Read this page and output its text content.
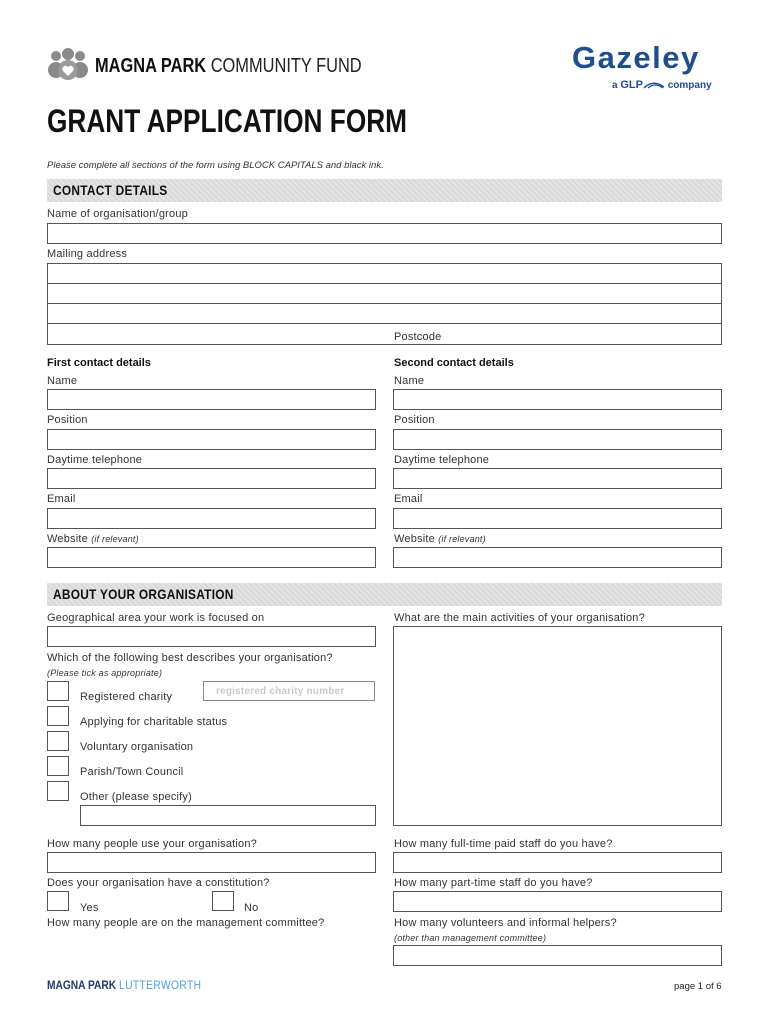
MAGNA PARK COMMUNITY FUND	Gazeley
a GLP company
GRANT APPLICATION FORM
Please complete all sections of the form using BLOCK CAPITALS and black ink.
CONTACT DETAILS
Name of organisation/group
Mailing address
Postcode
First contact details
Name
Position
Daytime telephone
Email
Website (if relevant)
Second contact details
Name
Position
Daytime telephone
Email
Website (if relevant)
ABOUT YOUR ORGANISATION
Geographical area your work is focused on	What are the main activities of your organisation?
Which of the following best describes your organisation?
(Please tick as appropriate)
Registered charity	registered charity number
Applying for charitable status
Voluntary organisation
Parish/Town Council
Other (please specify)
How many people use your organisation?	How many full-time paid staff do you have?
Does your organisation have a constitution?
Yes	No
How many part-time staff do you have?
How many people are on the management committee?	How many volunteers and informal helpers?
(other than management committee)
MAGNA PARK LUTTERWORTH	page 1 of 6
